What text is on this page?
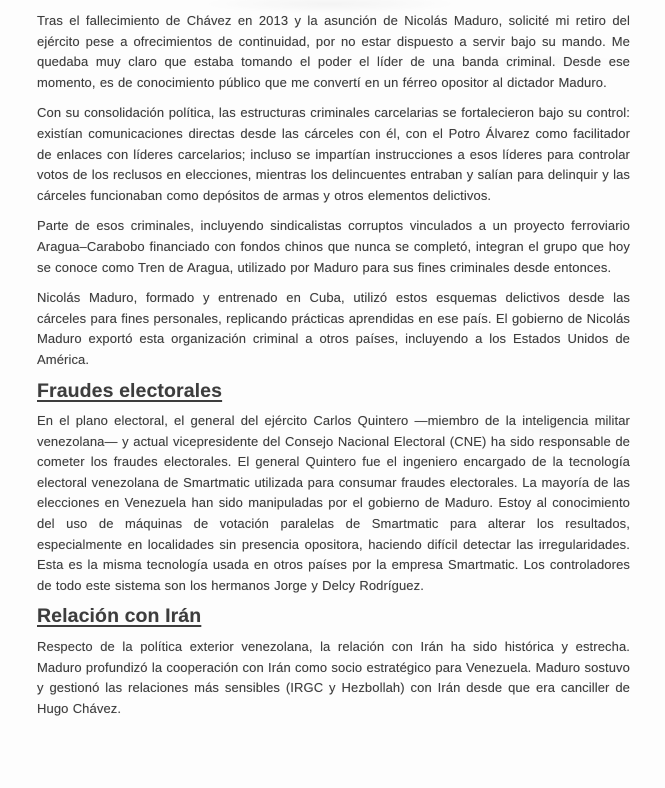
Tras el fallecimiento de Chávez en 2013 y la asunción de Nicolás Maduro, solicité mi retiro del ejército pese a ofrecimientos de continuidad, por no estar dispuesto a servir bajo su mando. Me quedaba muy claro que estaba tomando el poder el líder de una banda criminal. Desde ese momento, es de conocimiento público que me convertí en un férreo opositor al dictador Maduro.

Con su consolidación política, las estructuras criminales carcelarias se fortalecieron bajo su control: existían comunicaciones directas desde las cárceles con él, con el Potro Álvarez como facilitador de enlaces con líderes carcelarios; incluso se impartían instrucciones a esos líderes para controlar votos de los reclusos en elecciones, mientras los delincuentes entraban y salían para delinquir y las cárceles funcionaban como depósitos de armas y otros elementos delictivos.

Parte de esos criminales, incluyendo sindicalistas corruptos vinculados a un proyecto ferroviario Aragua–Carabobo financiado con fondos chinos que nunca se completó, integran el grupo que hoy se conoce como Tren de Aragua, utilizado por Maduro para sus fines criminales desde entonces.

Nicolás Maduro, formado y entrenado en Cuba, utilizó estos esquemas delictivos desde las cárceles para fines personales, replicando prácticas aprendidas en ese país. El gobierno de Nicolás Maduro exportó esta organización criminal a otros países, incluyendo a los Estados Unidos de América.

Fraudes electorales

En el plano electoral, el general del ejército Carlos Quintero —miembro de la inteligencia militar venezolana— y actual vicepresidente del Consejo Nacional Electoral (CNE) ha sido responsable de cometer los fraudes electorales. El general Quintero fue el ingeniero encargado de la tecnología electoral venezolana de Smartmatic utilizada para consumar fraudes electorales. La mayoría de las elecciones en Venezuela han sido manipuladas por el gobierno de Maduro. Estoy al conocimiento del uso de máquinas de votación paralelas de Smartmatic para alterar los resultados, especialmente en localidades sin presencia opositora, haciendo difícil detectar las irregularidades. Esta es la misma tecnología usada en otros países por la empresa Smartmatic. Los controladores de todo este sistema son los hermanos Jorge y Delcy Rodríguez.

Relación con Irán

Respecto de la política exterior venezolana, la relación con Irán ha sido histórica y estrecha. Maduro profundizó la cooperación con Irán como socio estratégico para Venezuela. Maduro sostuvo y gestionó las relaciones más sensibles (IRGC y Hezbollah) con Irán desde que era canciller de Hugo Chávez.
